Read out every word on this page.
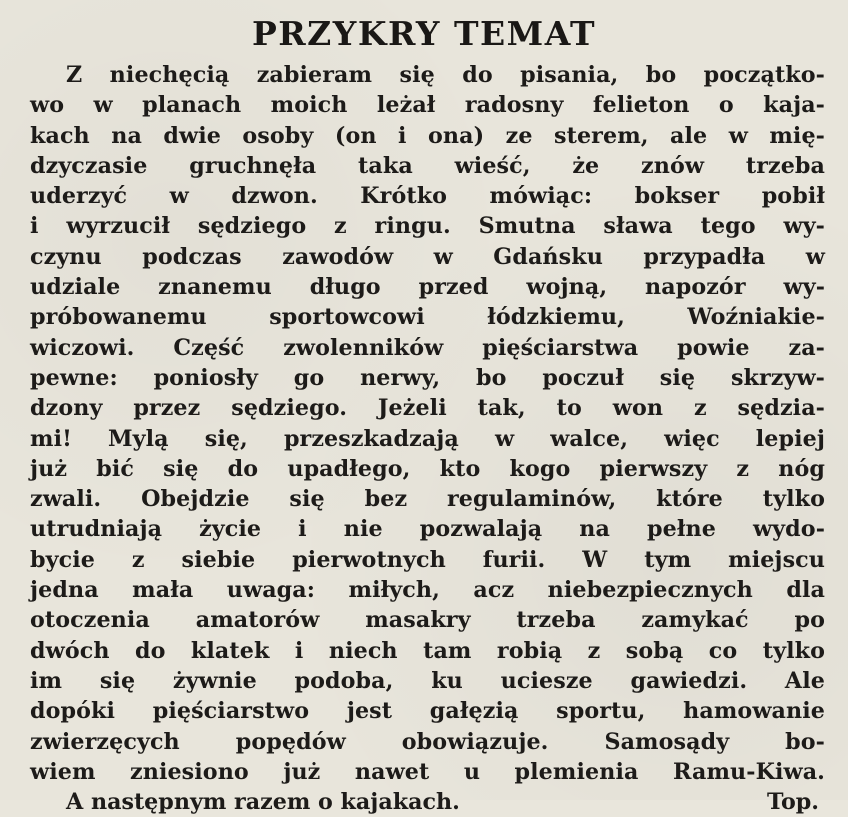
PRZYKRY TEMAT
Z niechęcią zabieram się do pisania, bo początko-
wo w planach moich leżał radosny felieton o kaja-
kach na dwie osoby (on i ona) ze sterem, ale w mię-
dzyczasie gruchnęła taka wieść, że znów trzeba
uderzyć w dzwon. Krótko mówiąc: bokser pobił
i wyrzucił sędziego z ringu. Smutna sława tego wy-
czynu podczas zawodów w Gdańsku przypadła w
udziale znanemu długo przed wojną, napozór wy-
próbowanemu sportowcowi łódzkiemu, Woźniakie-
wiczowi. Część zwolenników pięściarstwa powie za-
pewne: poniosły go nerwy, bo poczuł się skrzyw-
dzony przez sędziego. Jeżeli tak, to won z sędzia-
mi! Mylą się, przeszkadzają w walce, więc lepiej
już bić się do upadłego, kto kogo pierwszy z nóg
zwali. Obejdzie się bez regulaminów, które tylko
utrudniają życie i nie pozwalają na pełne wydo-
bycie z siebie pierwotnych furii. W tym miejscu
jedna mała uwaga: miłych, acz niebezpiecznych dla
otoczenia amatorów masakry trzeba zamykać po
dwóch do klatek i niech tam robią z sobą co tylko
im się żywnie podoba, ku uciesze gawiedzi. Ale
dopóki pięściarstwo jest gałęzią sportu, hamowanie
zwierzęcych popędów obowiązuje. Samosądy bo-
wiem zniesiono już nawet u plemienia Ramu-Kiwa.
A następnym razem o kajakach.	Top.
